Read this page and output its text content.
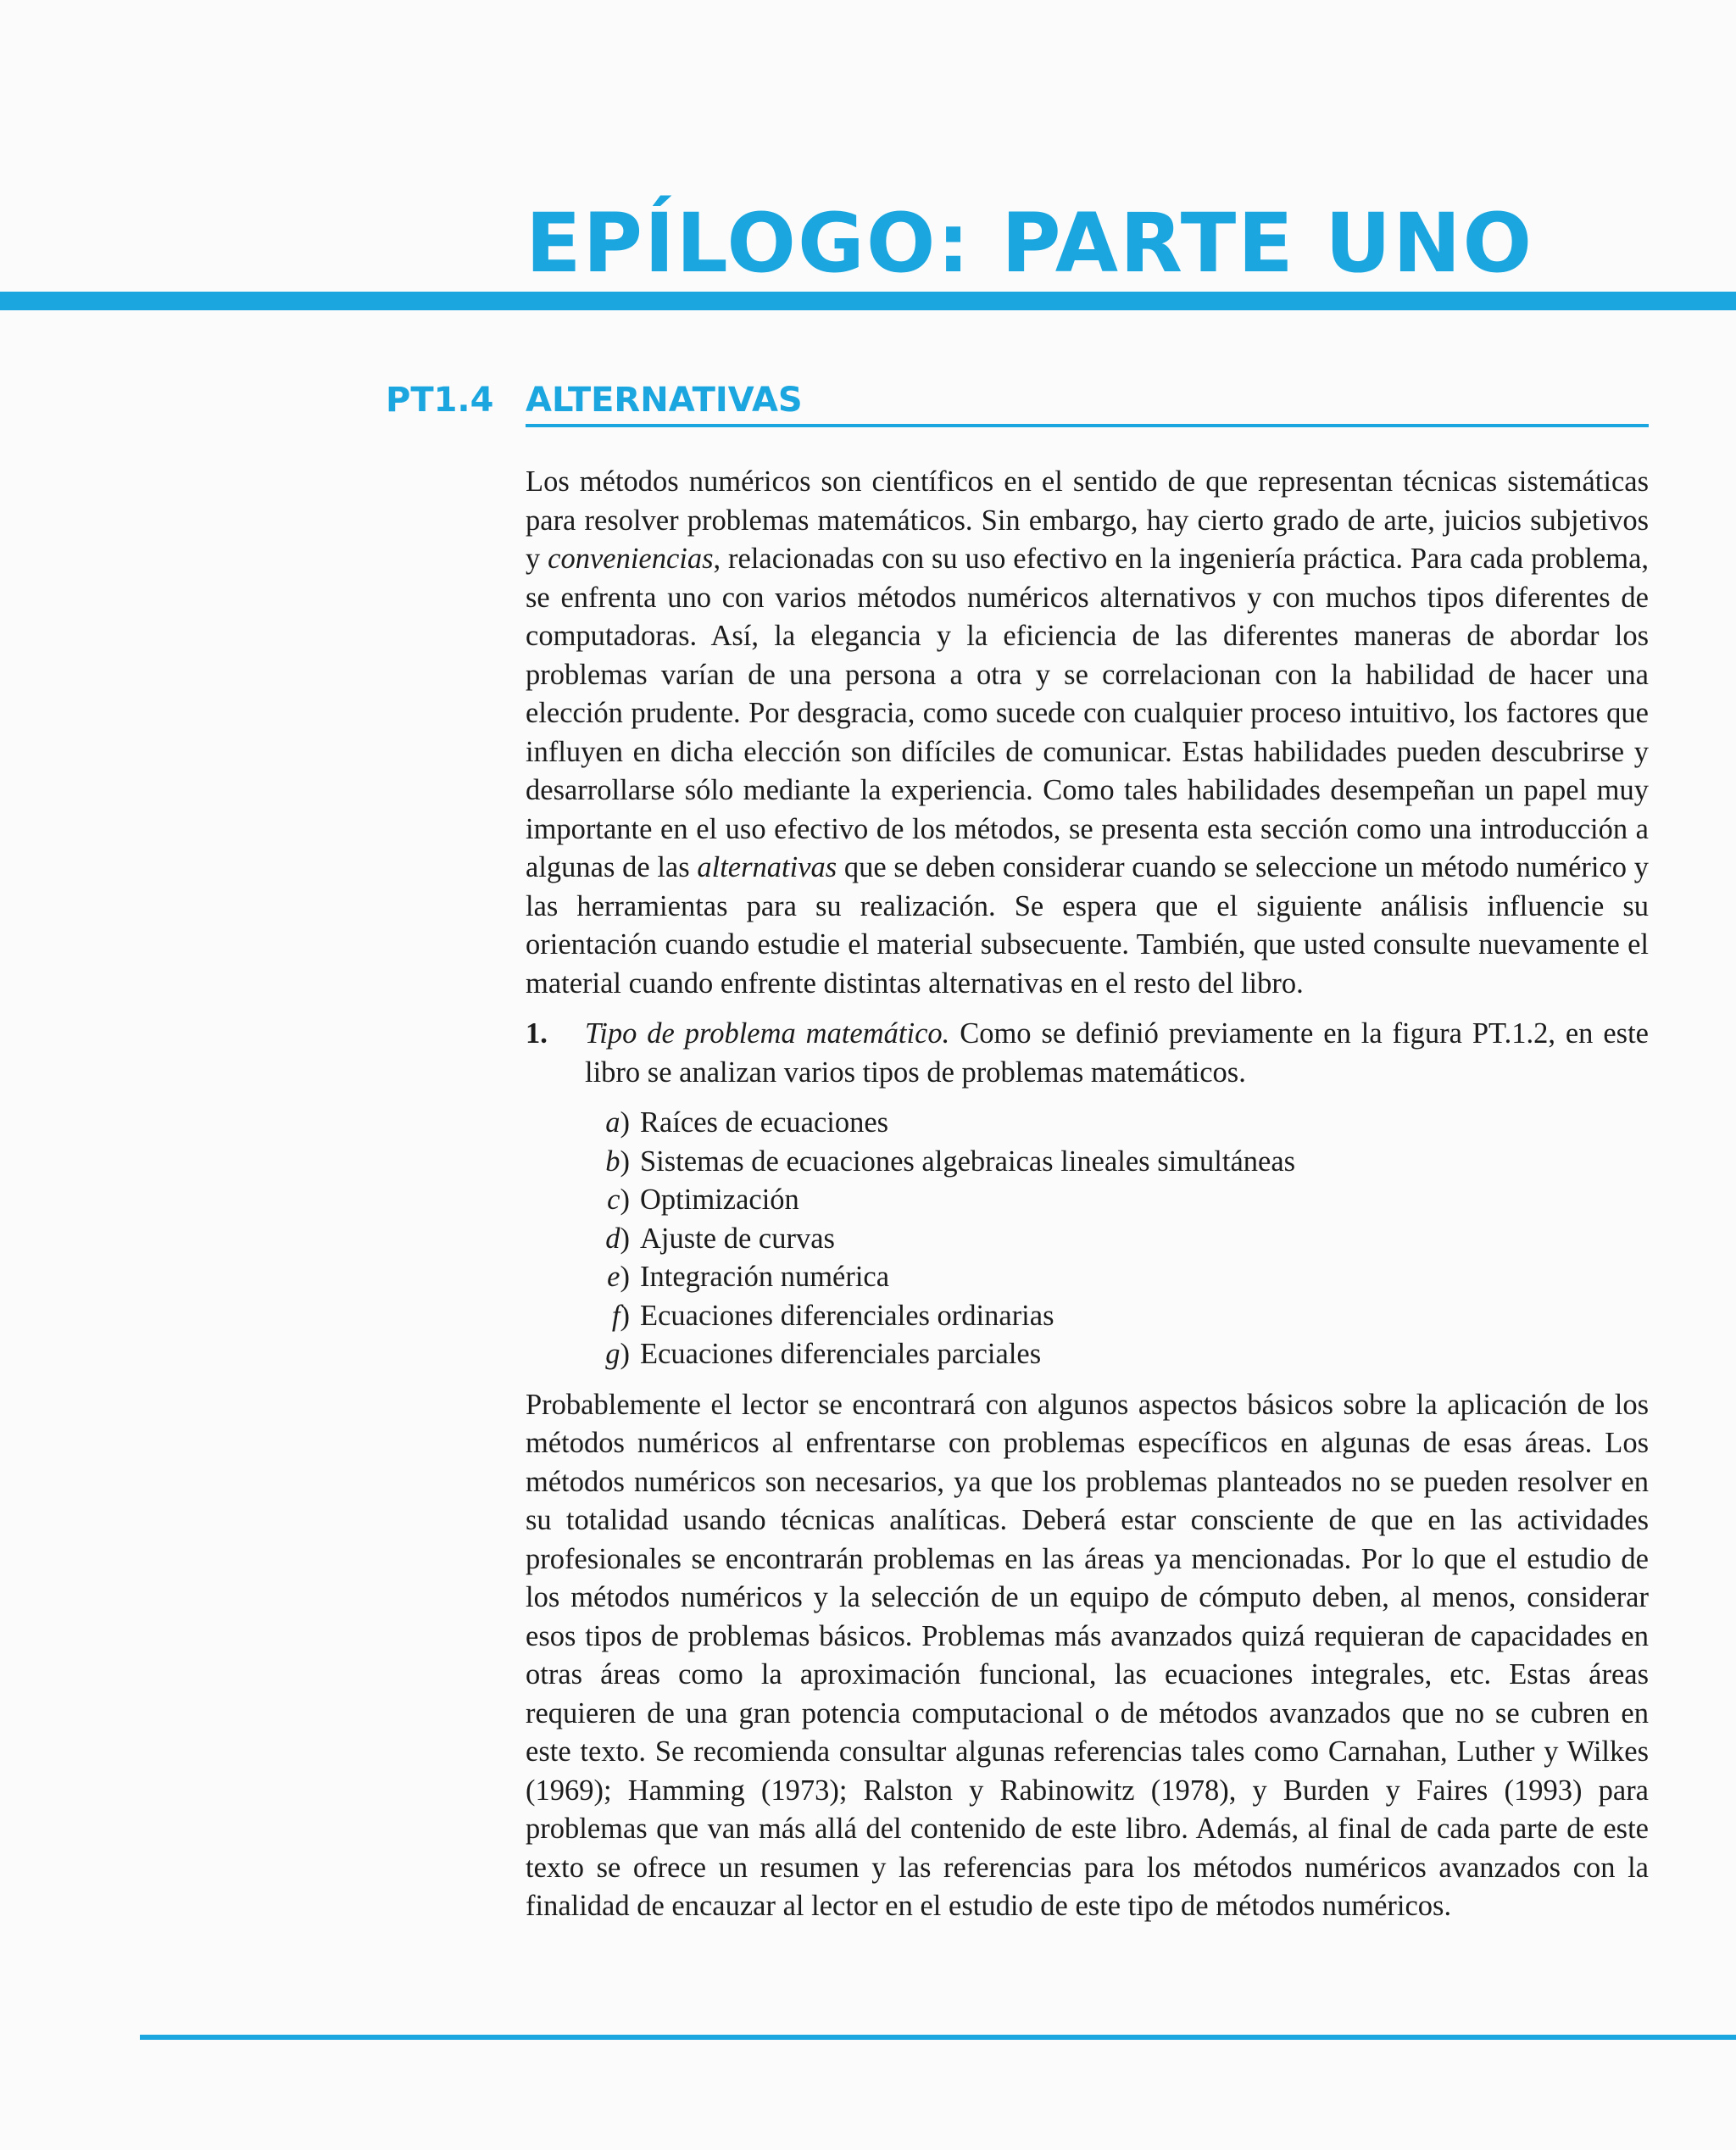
EPÍLOGO: PARTE UNO
PT1.4 ALTERNATIVAS

Los métodos numéricos son científicos en el sentido de que representan técnicas sistemáticas para resolver problemas matemáticos. Sin embargo, hay cierto grado de arte, juicios subjetivos y conveniencias, relacionadas con su uso efectivo en la ingeniería práctica. Para cada problema, se enfrenta uno con varios métodos numéricos alternativos y con muchos tipos diferentes de computadoras. Así, la elegancia y la eficiencia de las diferentes maneras de abordar los problemas varían de una persona a otra y se correlacionan con la habilidad de hacer una elección prudente. Por desgracia, como sucede con cualquier proceso intuitivo, los factores que influyen en dicha elección son difíciles de comunicar. Estas habilidades pueden descubrirse y desarrollarse sólo mediante la experiencia. Como tales habilidades desempeñan un papel muy importante en el uso efectivo de los métodos, se presenta esta sección como una introducción a algunas de las alternativas que se deben considerar cuando se seleccione un método numérico y las herramientas para su realización. Se espera que el siguiente análisis influencie su orientación cuando estudie el material subsecuente. También, que usted consulte nuevamente el material cuando enfrente distintas alternativas en el resto del libro.

1.	Tipo de problema matemático. Como se definió previamente en la figura PT.1.2, en este libro se analizan varios tipos de problemas matemáticos.
a) Raíces de ecuaciones
b) Sistemas de ecuaciones algebraicas lineales simultáneas
c) Optimización
d) Ajuste de curvas
e) Integración numérica
f) Ecuaciones diferenciales ordinarias
g) Ecuaciones diferenciales parciales

Probablemente el lector se encontrará con algunos aspectos básicos sobre la aplicación de los métodos numéricos al enfrentarse con problemas específicos en algunas de esas áreas. Los métodos numéricos son necesarios, ya que los problemas planteados no se pueden resolver en su totalidad usando técnicas analíticas. Deberá estar consciente de que en las actividades profesionales se encontrarán problemas en las áreas ya mencionadas. Por lo que el estudio de los métodos numéricos y la selección de un equipo de cómputo deben, al menos, considerar esos tipos de problemas básicos. Problemas más avanzados quizá requieran de capacidades en otras áreas como la aproximación funcional, las ecuaciones integrales, etc. Estas áreas requieren de una gran potencia computacional o de métodos avanzados que no se cubren en este texto. Se recomienda consultar algunas referencias tales como Carnahan, Luther y Wilkes (1969); Hamming (1973); Ralston y Rabinowitz (1978), y Burden y Faires (1993) para problemas que van más allá del contenido de este libro. Además, al final de cada parte de este texto se ofrece un resumen y las referencias para los métodos numéricos avanzados con la finalidad de encauzar al lector en el estudio de este tipo de métodos numéricos.
